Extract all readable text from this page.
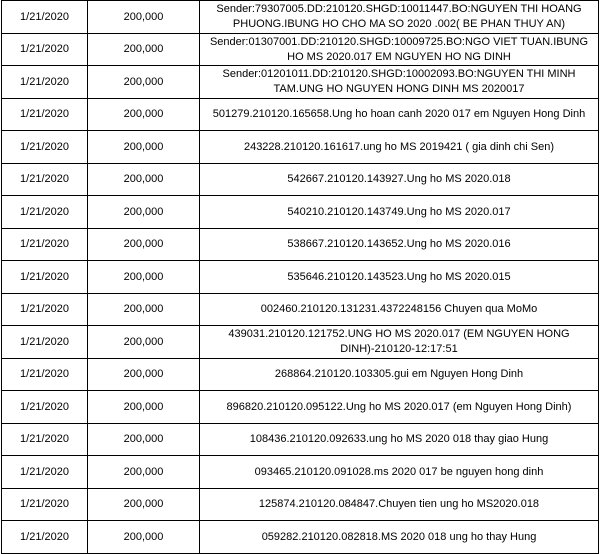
1/21/2020	200,000	Sender:79307005.DD:210120.SHGD:10011447.BO:NGUYEN THI HOANG PHUONG.IBUNG HO CHO MA SO 2020 .002( BE PHAN THUY AN)
1/21/2020	200,000	Sender:01307001.DD:210120.SHGD:10009725.BO:NGO VIET TUAN.IBUNG HO MS 2020.017 EM NGUYEN HO NG DINH
1/21/2020	200,000	Sender:01201011.DD:210120.SHGD:10002093.BO:NGUYEN THI MINH TAM.UNG HO NGUYEN HONG DINH MS 2020017
1/21/2020	200,000	501279.210120.165658.Ung ho hoan canh 2020 017 em Nguyen Hong Dinh
1/21/2020	200,000	243228.210120.161617.ung ho MS 2019421 ( gia dinh chi Sen)
1/21/2020	200,000	542667.210120.143927.Ung ho MS 2020.018
1/21/2020	200,000	540210.210120.143749.Ung ho MS 2020.017
1/21/2020	200,000	538667.210120.143652.Ung ho MS 2020.016
1/21/2020	200,000	535646.210120.143523.Ung ho MS 2020.015
1/21/2020	200,000	002460.210120.131231.4372248156 Chuyen qua MoMo
1/21/2020	200,000	439031.210120.121752.UNG HO MS 2020.017 (EM NGUYEN HONG DINH)-210120-12:17:51
1/21/2020	200,000	268864.210120.103305.gui em Nguyen Hong Dinh
1/21/2020	200,000	896820.210120.095122.Ung ho MS 2020.017 (em Nguyen Hong Dinh)
1/21/2020	200,000	108436.210120.092633.ung ho MS 2020 018 thay giao Hung
1/21/2020	200,000	093465.210120.091028.ms 2020 017 be nguyen hong dinh
1/21/2020	200,000	125874.210120.084847.Chuyen tien ung ho MS2020.018
1/21/2020	200,000	059282.210120.082818.MS 2020 018 ung ho thay Hung
